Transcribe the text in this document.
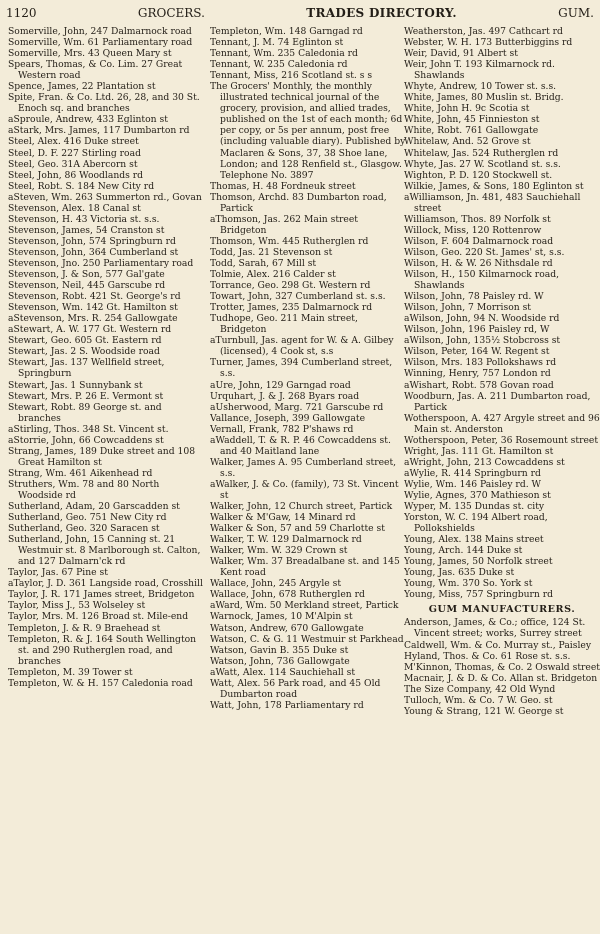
1120	GROCERS.	TRADES DIRECTORY.	GUM.
Somerville, John, 247 Dalmarnock road
Somerville, Wm. 61 Parliamentary road
Somerville, Mrs. 43 Queen Mary st
Spears, Thomas, & Co. Lim. 27 Great Western road
Spence, James, 22 Plantation st
Spite, Fran. & Co. Ltd. 26, 28, and 30 St. Enoch sq. and branches
aSproule, Andrew, 433 Eglinton st
aStark, Mrs. James, 117 Dumbarton rd
Steel, Alex. 416 Duke street
Steel, D. F. 227 Stirling road
Steel, Geo. 31A Abercorn st
Steel, John, 86 Woodlands rd
Steel, Robt. S. 184 New City rd
aSteven, Wm. 263 Summerton rd., Govan
Stevenson, Alex. 18 Canal st
Stevenson, H. 43 Victoria st. s.s.
Stevenson, James, 54 Cranston st
Stevenson, John, 574 Springburn rd
Stevenson, John, 364 Cumberland st
Stevenson, Jno. 250 Parliamentary road
Stevenson, J. & Son, 577 Gal'gate
Stevenson, Neil, 445 Garscube rd
Stevenson, Robt. 421 St. George's rd
Stevenson, Wm. 142 Gt. Hamilton st
aStevenson, Mrs. R. 254 Gallowgate
aStewart, A. W. 177 Gt. Western rd
Stewart, Geo. 605 Gt. Eastern rd
Stewart, Jas. 2 S. Woodside road
Stewart, Jas. 137 Wellfield street, Springburn
Stewart, Jas. 1 Sunnybank st
Stewart, Mrs. P. 26 E. Vermont st
Stewart, Robt. 89 George st. and branches
aStirling, Thos. 348 St. Vincent st.
aStorrie, John, 66 Cowcaddens st
Strang, James, 189 Duke street and 108 Great Hamilton st
Strang, Wm. 461 Aikenhead rd
Struthers, Wm. 78 and 80 North Woodside rd
Sutherland, Adam, 20 Garscadden st
Sutherland, Geo. 751 New City rd
Sutherland, Geo. 320 Saracen st
Sutherland, John, 15 Canning st. 21 Westmuir st. 8 Marlborough st. Calton, and 127 Dalmarn'ck rd
Taylor, Jas. 67 Pine st
aTaylor, J. D. 361 Langside road, Crosshill
Taylor, J. R. 171 James street, Bridgeton
Taylor, Miss J., 53 Wolseley st
Taylor, Mrs. M. 126 Broad st. Mile-end
Templeton, J. & R. 9 Braehead st
Templeton, R. & J. 164 South Wellington st. and 290 Rutherglen road, and branches
Templeton, M. 39 Tower st
Templeton, W. & H. 157 Caledonia road
Templeton, Wm. 148 Garngad rd
Tennant, J. M. 74 Eglinton st
Tennant, Wm. 235 Caledonia rd
Tennant, W. 235 Caledonia rd
Tennant, Miss, 216 Scotland st. s s
The Grocers' Monthly, the monthly illustrated technical journal of the grocery, provision, and allied trades, published on the 1st of each month; 6d per copy, or 5s per annum, post free (including valuable diary). Published by Maclaren & Sons, 37, 38 Shoe lane, London; and 128 Renfield st., Glasgow. Telephone No. 3897
Thomas, H. 48 Fordneuk street
Thomson, Archd. 83 Dumbarton road, Partick
aThomson, Jas. 262 Main street Bridgeton
Thomson, Wm. 445 Rutherglen rd
Todd, Jas. 21 Stevenson st
Todd, Sarah, 67 Mill st
Tolmie, Alex. 216 Calder st
Torrance, Geo. 298 Gt. Western rd
Towart, John, 327 Cumberland st. s.s.
Trotter, James, 235 Dalmarnock rd
Tudhope, Geo. 211 Main street, Bridgeton
aTurnbull, Jas. agent for W. & A. Gilbey (licensed), 4 Cook st, s.s
Turner, James, 394 Cumberland street, s.s.
aUre, John, 129 Garngad road
Urquhart, J. & J. 268 Byars road
aUsherwood, Marg. 721 Garscube rd
Vallance, Joseph, 399 Gallowgate
Vernall, Frank, 782 P'shaws rd
aWaddell, T. & R. P. 46 Cowcaddens st. and 40 Maitland lane
Walker, James A. 95 Cumberland street, s.s.
aWalker, J. & Co. (family), 73 St. Vincent st
Walker, John, 12 Church street, Partick
Walker & M'Gaw, 14 Minard rd
Walker & Son, 57 and 59 Charlotte st
Walker, T. W. 129 Dalmarnock rd
Walker, Wm. W. 329 Crown st
Walker, Wm. 37 Breadalbane st. and 145 Kent road
Wallace, John, 245 Argyle st
Wallace, John, 678 Rutherglen rd
aWard, Wm. 50 Merkland street, Partick
Warnock, James, 10 M'Alpin st
Watson, Andrew, 670 Gallowgate
Watson, C. & G. 11 Westmuir st Parkhead
Watson, Gavin B. 355 Duke st
Watson, John, 736 Gallowgate
aWatt, Alex. 114 Sauchiehall st
Watt, Alex. 56 Park road, and 45 Old Dumbarton road
Watt, John, 178 Parliamentary rd
Weatherston, Jas. 497 Cathcart rd
Webster, W. H. 173 Butterbiggins rd
Weir, David, 91 Albert st
Weir, John T. 193 Kilmarnock rd. Shawlands
Whyte, Andrew, 10 Tower st. s.s.
White, James, 80 Muslin st. Bridg.
White, John H. 9c Scotia st
White, John, 45 Finnieston st
White, Robt. 761 Gallowgate
Whitelaw, And. 52 Grove st
Whitelaw, Jas. 524 Rutherglen rd
Whyte, Jas. 27 W. Scotland st. s.s.
Wighton, P. D. 120 Stockwell st.
Wilkie, James, & Sons, 180 Eglinton st
aWilliamson, Jn. 481, 483 Sauchiehall street
Williamson, Thos. 89 Norfolk st
Willock, Miss, 120 Rottenrow
Wilson, F. 604 Dalmarnock road
Wilson, Geo. 220 St. James' st, s.s.
Wilson, H. & W. 26 Nithsdale rd
Wilson, H., 150 Kilmarnock road, Shawlands
Wilson, John, 78 Paisley rd. W
Wilson, John, 7 Morrison st
aWilson, John, 94 N. Woodside rd
Wilson, John, 196 Paisley rd, W
aWilson, John, 135½ Stobcross st
Wilson, Peter, 164 W. Regent st
Wilson, Mrs. 183 Pollokshaws rd
Winning, Henry, 757 London rd
aWishart, Robt. 578 Govan road
Woodburn, Jas. A. 211 Dumbarton road, Partick
Wotherspoon, A. 427 Argyle street and 96 Main st. Anderston
Wotherspoon, Peter, 36 Rosemount street
Wright, Jas. 111 Gt. Hamilton st
aWright, John, 213 Cowcaddens st
aWylie, R. 414 Springburn rd
Wylie, Wm. 146 Paisley rd. W
Wylie, Agnes, 370 Mathieson st
Wyper, M. 135 Dundas st. city
Yorston, W. C. 194 Albert road, Pollokshields
Young, Alex. 138 Mains street
Young, Arch. 144 Duke st
Young, James, 50 Norfolk street
Young, Jas. 635 Duke st
Young, Wm. 370 So. York st
Young, Miss, 757 Springburn rd
GUM MANUFACTURERS.
Anderson, James, & Co.; office, 124 St. Vincent street; works, Surrey street
Caldwell, Wm. & Co. Murray st., Paisley
Hyland, Thos. & Co. 61 Rose st. s.s.
M'Kinnon, Thomas, & Co. 2 Oswald street
Macnair, J. & D. & Co. Allan st. Bridgeton
The Size Company, 42 Old Wynd
Tulloch, Wm. & Co. 7 W. Geo. st
Young & Strang, 121 W. George st
